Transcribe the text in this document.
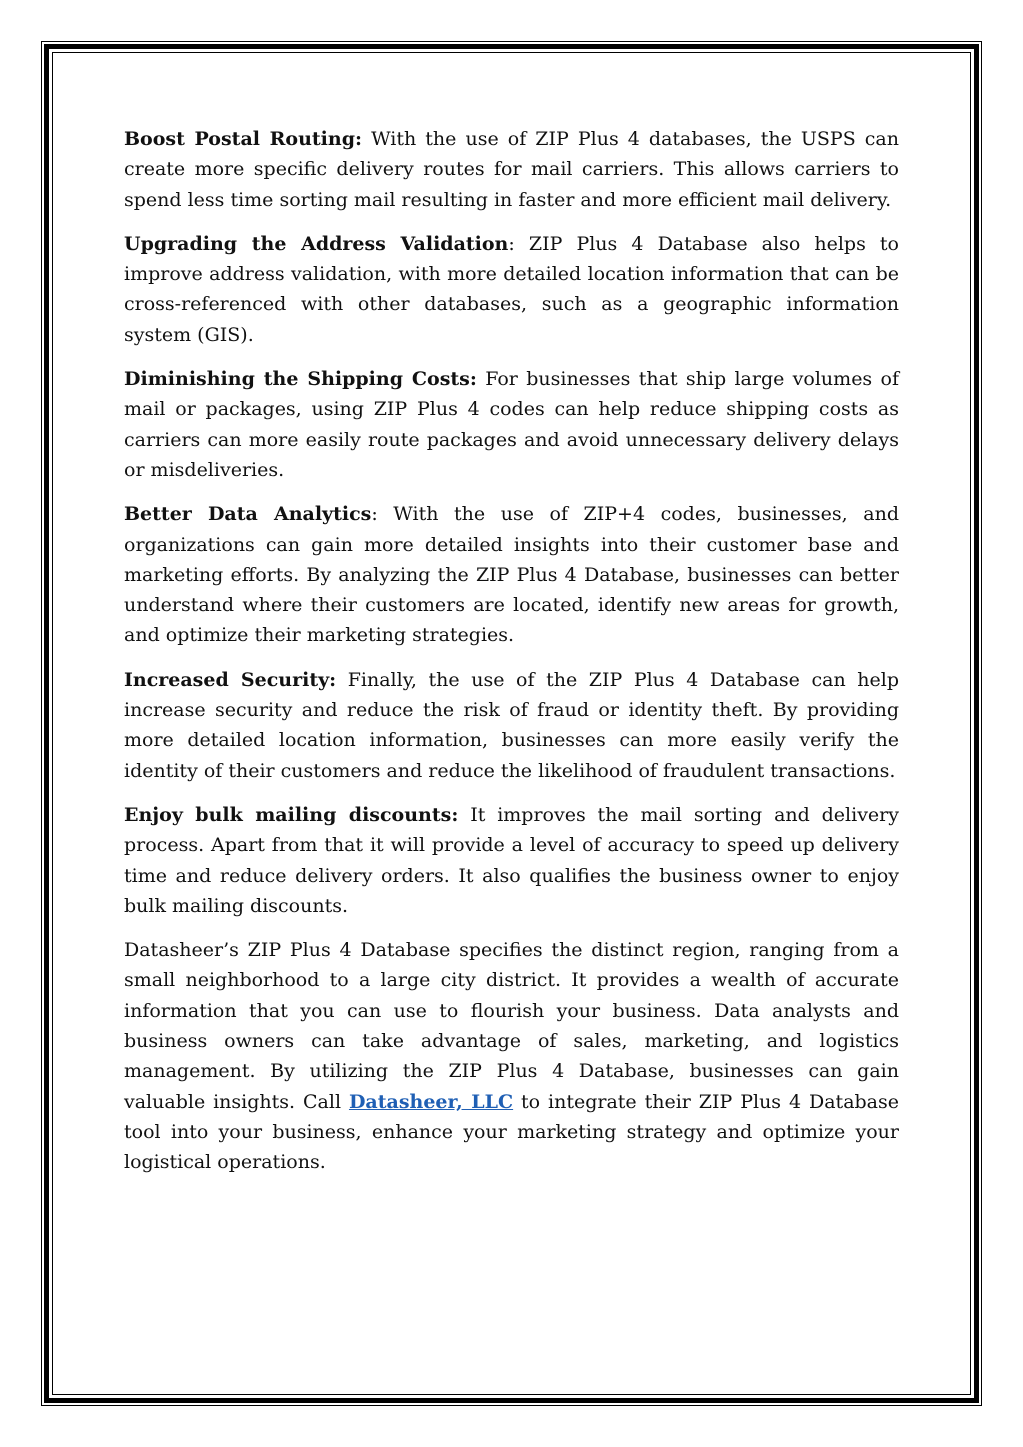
Boost Postal Routing: With the use of ZIP Plus 4 databases, the USPS can create more specific delivery routes for mail carriers. This allows carriers to spend less time sorting mail resulting in faster and more efficient mail delivery.

Upgrading the Address Validation: ZIP Plus 4 Database also helps to improve address validation, with more detailed location information that can be cross-referenced with other databases, such as a geographic information system (GIS).

Diminishing the Shipping Costs: For businesses that ship large volumes of mail or packages, using ZIP Plus 4 codes can help reduce shipping costs as carriers can more easily route packages and avoid unnecessary delivery delays or misdeliveries.

Better Data Analytics: With the use of ZIP+4 codes, businesses, and organizations can gain more detailed insights into their customer base and marketing efforts. By analyzing the ZIP Plus 4 Database, businesses can better understand where their customers are located, identify new areas for growth, and optimize their marketing strategies.

Increased Security: Finally, the use of the ZIP Plus 4 Database can help increase security and reduce the risk of fraud or identity theft. By providing more detailed location information, businesses can more easily verify the identity of their customers and reduce the likelihood of fraudulent transactions.

Enjoy bulk mailing discounts: It improves the mail sorting and delivery process. Apart from that it will provide a level of accuracy to speed up delivery time and reduce delivery orders. It also qualifies the business owner to enjoy bulk mailing discounts.

Datasheer’s ZIP Plus 4 Database specifies the distinct region, ranging from a small neighborhood to a large city district. It provides a wealth of accurate information that you can use to flourish your business. Data analysts and business owners can take advantage of sales, marketing, and logistics management. By utilizing the ZIP Plus 4 Database, businesses can gain valuable insights. Call Datasheer, LLC to integrate their ZIP Plus 4 Database tool into your business, enhance your marketing strategy and optimize your logistical operations.
